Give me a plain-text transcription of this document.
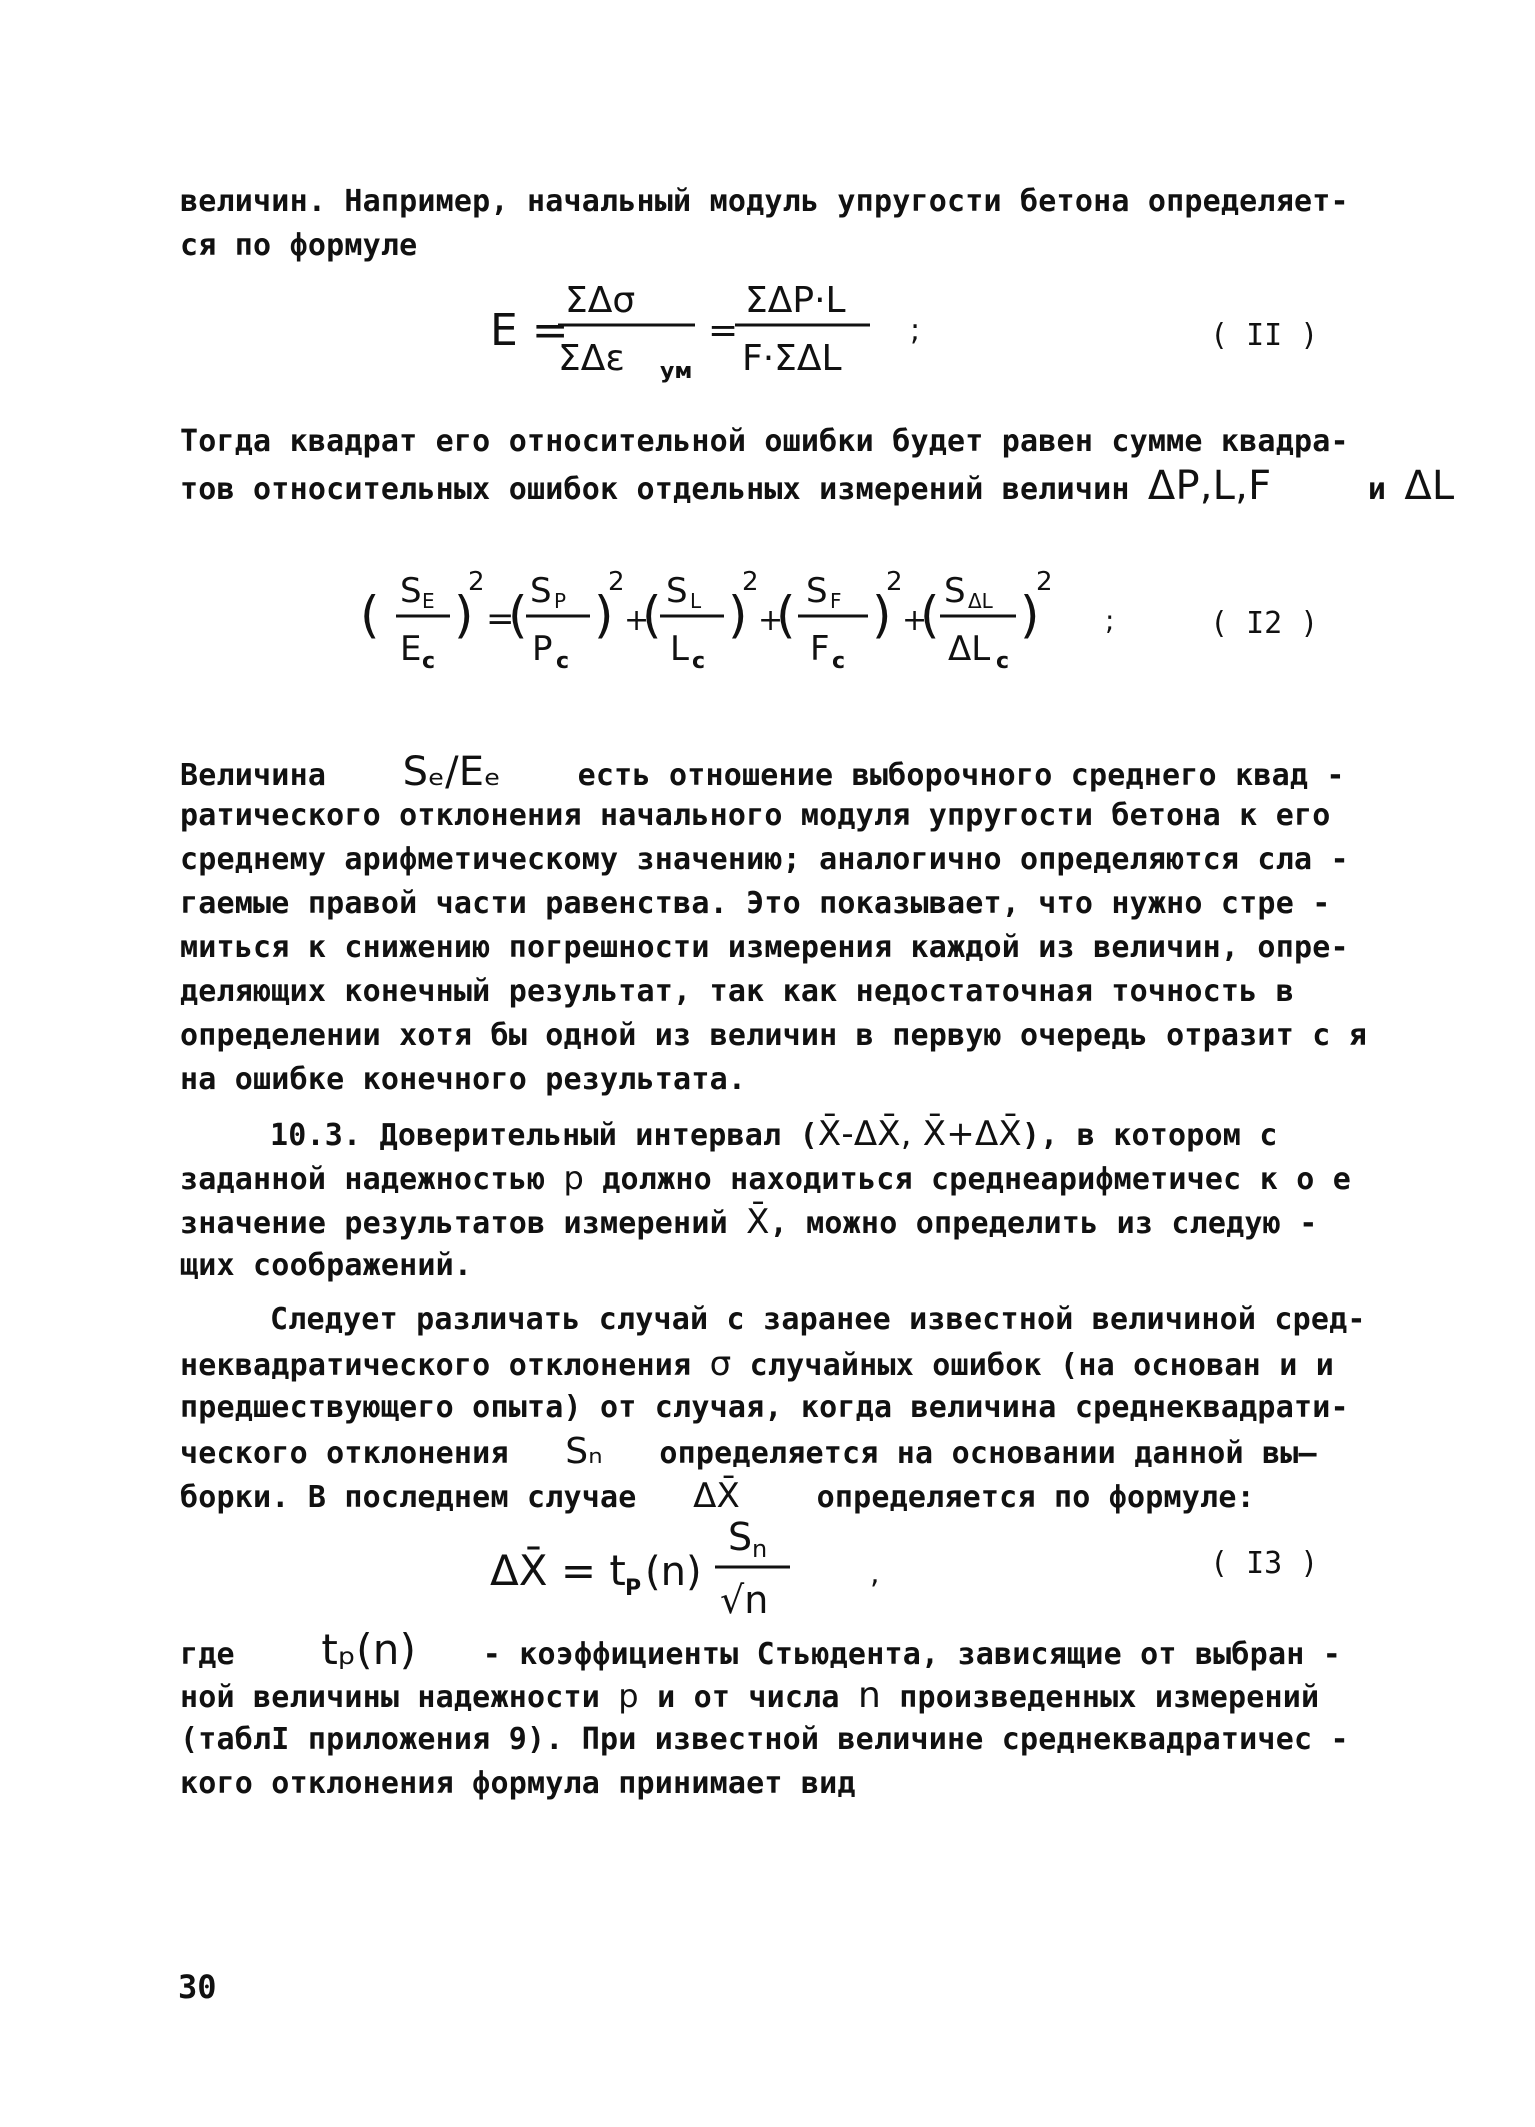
величин. Например, начальный модуль упругости бетона определяет-
ся по формуле
E =
ΣΔσ
ΣΔε ум
=
ΣΔP·L
F·ΣΔL
;	( II )
Тогда квадрат его относительной ошибки будет равен сумме квадра-
тов относительных ошибок отдельных измерений величин ΔP,L,F	и ΔL
( S E
E c
)
2
=
( S P
P c
)
2
+
( S L
L c
)
2
+
( S F
F c
)
2
+
( S ΔL
ΔL c
)
2
;	( I2 )
Величина Sₑ/Eₑ	есть отношение выборочного среднего квад -
ратического отклонения начального модуля упругости бетона к его
среднему арифметическому значению; аналогично определяются сла -
гаемые правой части равенства. Это показывает, что нужно стре -
миться к снижению погрешности измерения каждой из величин, опре-
деляющих конечный результат, так как недостаточная точность в
определении хотя бы одной из величин в первую очередь отразит с я
на ошибке конечного результата.
10.3. Доверительный интервал (X̄-ΔX̄, X̄+ΔX̄), в котором с
заданной надежностью p должно находиться среднеарифметичес к о е
значение результатов измерений X̄, можно определить из следую -
щих соображений.
Следует различать случай с заранее известной величиной сред-
неквадратического отклонения σ случайных ошибок (на основан и и
предшествующего опыта) от случая, когда величина среднеквадрати-
ческого отклонения Sₙ определяется на основании данной вы—
борки. В последнем случае ΔX̄	определяется по формуле:
ΔX̄ = t P (n)
S n
√n
,	( I3 )
где tₚ(n) - коэффициенты Стьюдента, зависящие от выбран -
ной величины надежности p и от числа n произведенных измерений
(таблI приложения 9). При известной величине среднеквадратичес -
кого отклонения формула принимает вид
30
